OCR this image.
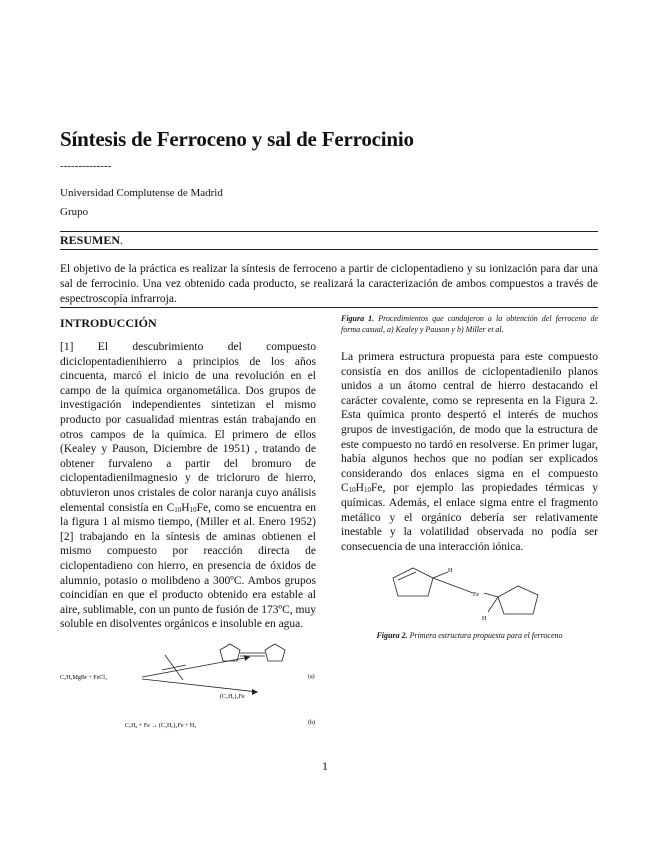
Síntesis de Ferroceno y sal de Ferrocinio
--------------
Universidad Complutense de Madrid
Grupo
RESUMEN.
El objetivo de la práctica es realizar la síntesis de ferroceno a partir de ciclopentadieno y su ionización para dar una sal de ferrocinio. Una vez obtenido cada producto, se realizará la caracterización de ambos compuestos a través de espectroscopía infrarroja.
INTRODUCCIÓN
[1] El descubrimiento del compuesto diciclopentadienihierro a principios de los años cincuenta, marcó el inicio de una revolución en el campo de la química organometálica. Dos grupos de investigación independientes sintetizan el mismo producto por casualidad mientras están trabajando en otros campos de la química. El primero de ellos (Kealey y Pauson, Diciembre de 1951) , tratando de obtener furvaleno a partir del bromuro de ciclopentadienilmagnesio y de tricloruro de hierro, obtuvieron unos cristales de color naranja cuyo análisis elemental consistía en $C_{10}H_{10}Fe$, como se encuentra en la figura 1 al mismo tiempo, (Miller et al. Enero 1952) [2] trabajando en la síntesis de aminas obtienen el mismo compuesto por reacción directa de ciclopentadieno con hierro, en presencia de óxidos de alumnio, potasio o molibdeno a 300ºC. Ambos grupos coincidían en que el producto obtenido era estable al aire, sublimable, con un punto de fusión de 173ºC, muy soluble en disolventes orgánicos e insoluble en agua.
C₅H₅MgBr + FeCl₃
(C₅H₅)₂Fe
(a)
C₅H₆ + Fe → (C₅H₅)₂Fe + H₂	(b)
Figura 1. Procedimientos que condujeron a la obtención del ferroceno de forma casual, a) Kealey y Pauson y b) Miller et al.
La primera estructura propuesta para este compuesto consistía en dos anillos de ciclopentadienilo planos unidos a un átomo central de hierro destacando el carácter covalente, como se representa en la Figura 2. Esta química pronto despertó el interés de muchos grupos de investigación, de modo que la estructura de este compuesto no tardó en resolverse. En primer lugar, había algunos hechos que no podían ser explicados considerando dos enlaces sigma en el compuesto $C_{10}H_{10}Fe$, por ejemplo las propiedades térmicas y químicas. Además, el enlace sigma entre el fragmento metálico y el orgánico debería ser relativamente inestable y la volatilidad observada no podía ser consecuencia de una interacción iónica.
H
Fe
H
Figura 2. Primera estructura propuesta para el ferroceno
1
